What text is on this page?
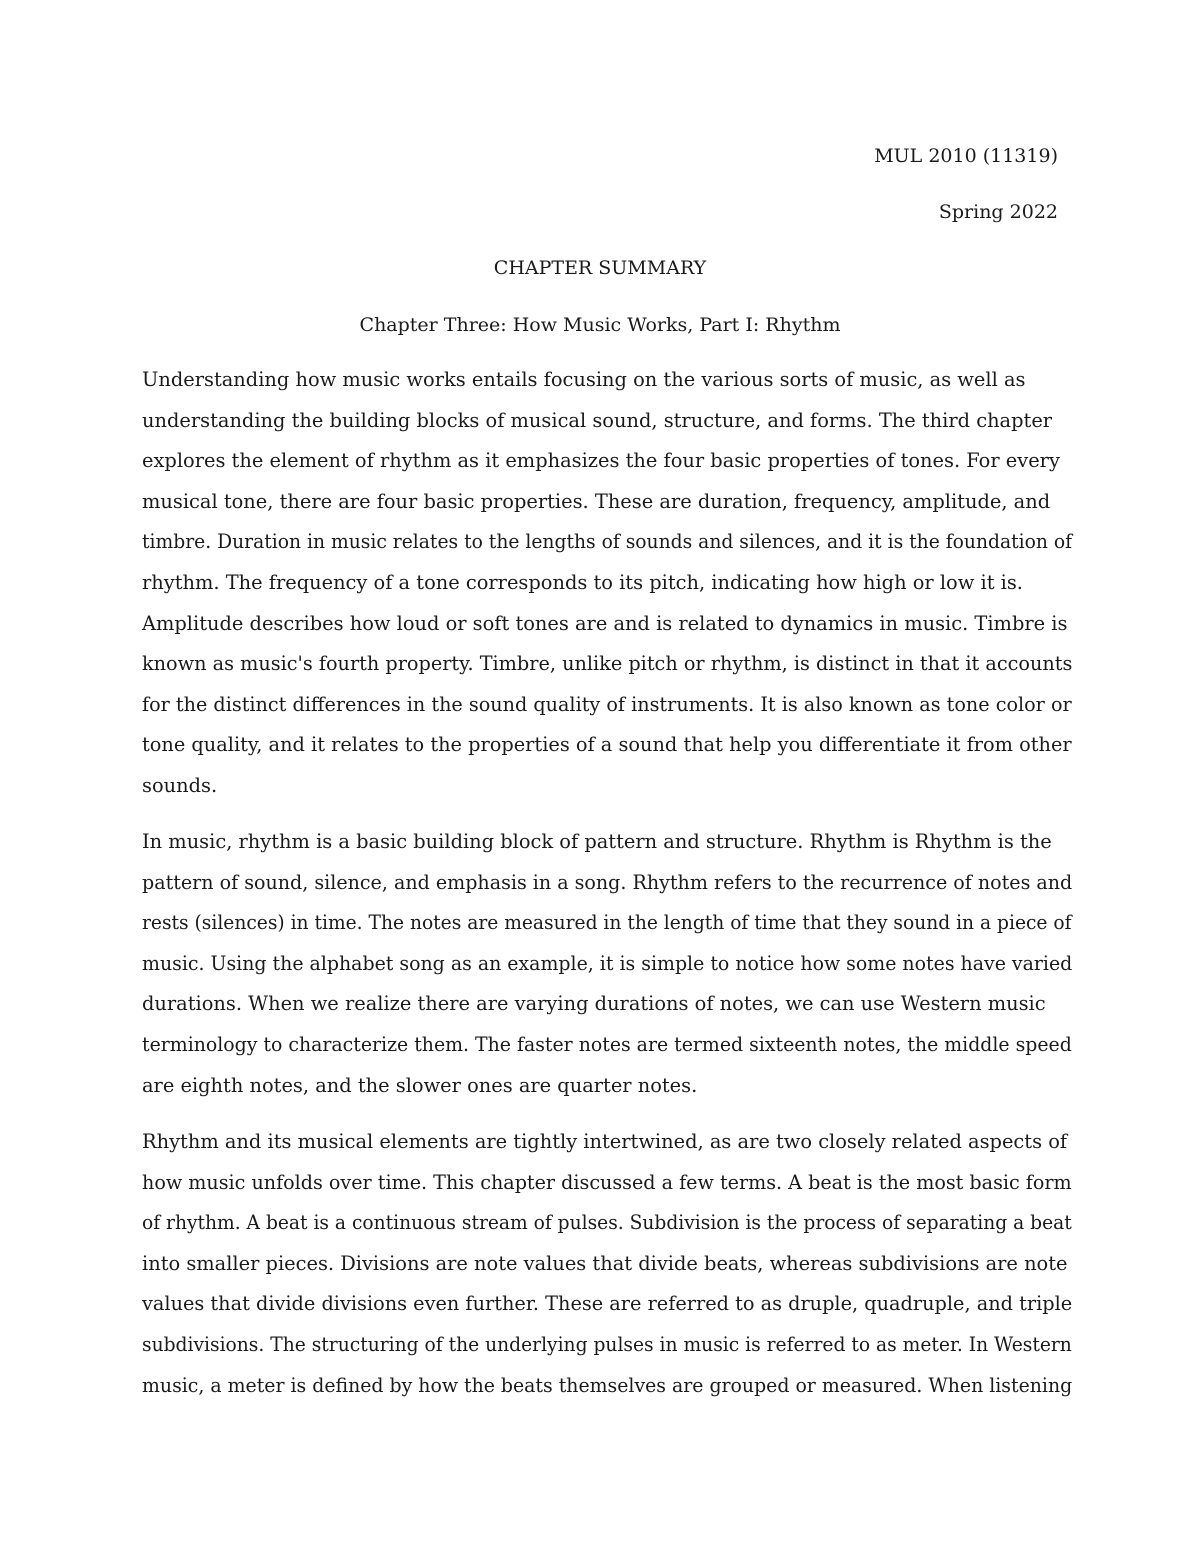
MUL 2010 (11319)
Spring 2022
CHAPTER SUMMARY
Chapter Three: How Music Works, Part I: Rhythm
Understanding how music works entails focusing on the various sorts of music, as well as
understanding the building blocks of musical sound, structure, and forms. The third chapter
explores the element of rhythm as it emphasizes the four basic properties of tones. For every
musical tone, there are four basic properties. These are duration, frequency, amplitude, and
timbre. Duration in music relates to the lengths of sounds and silences, and it is the foundation of
rhythm. The frequency of a tone corresponds to its pitch, indicating how high or low it is.
Amplitude describes how loud or soft tones are and is related to dynamics in music. Timbre is
known as music's fourth property. Timbre, unlike pitch or rhythm, is distinct in that it accounts
for the distinct differences in the sound quality of instruments. It is also known as tone color or
tone quality, and it relates to the properties of a sound that help you differentiate it from other
sounds.
In music, rhythm is a basic building block of pattern and structure. Rhythm is Rhythm is the
pattern of sound, silence, and emphasis in a song. Rhythm refers to the recurrence of notes and
rests (silences) in time. The notes are measured in the length of time that they sound in a piece of
music. Using the alphabet song as an example, it is simple to notice how some notes have varied
durations. When we realize there are varying durations of notes, we can use Western music
terminology to characterize them. The faster notes are termed sixteenth notes, the middle speed
are eighth notes, and the slower ones are quarter notes.
Rhythm and its musical elements are tightly intertwined, as are two closely related aspects of
how music unfolds over time. This chapter discussed a few terms. A beat is the most basic form
of rhythm. A beat is a continuous stream of pulses. Subdivision is the process of separating a beat
into smaller pieces. Divisions are note values that divide beats, whereas subdivisions are note
values that divide divisions even further. These are referred to as druple, quadruple, and triple
subdivisions. The structuring of the underlying pulses in music is referred to as meter. In Western
music, a meter is defined by how the beats themselves are grouped or measured. When listening
